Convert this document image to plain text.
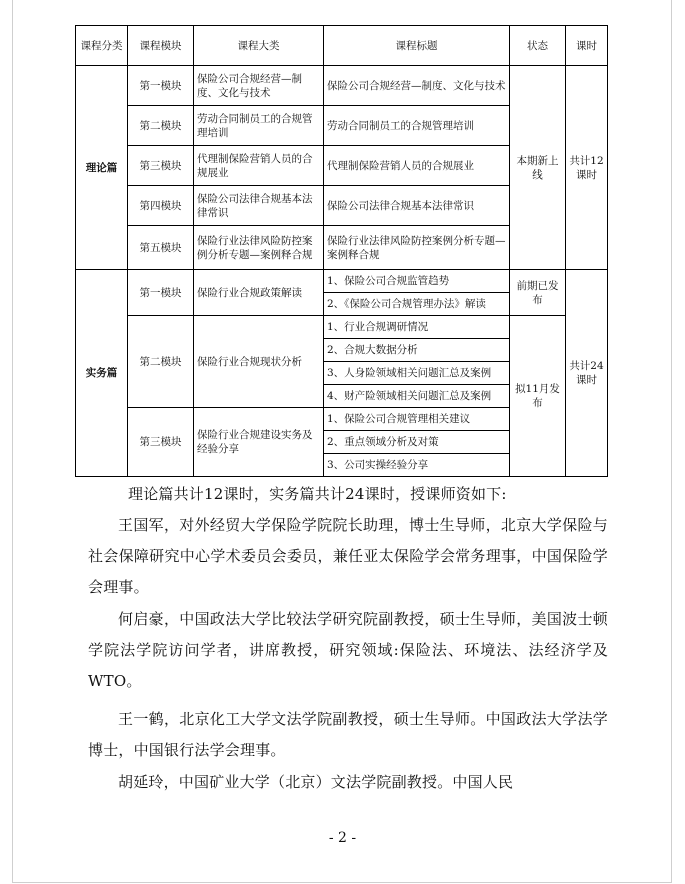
课程分类	课程模块	课程大类	课程标题	状态	课时
理论篇	第一模块	保险公司合规经营—制度、文化与技术	保险公司合规经营—制度、文化与技术	本期新上线	共计12课时
	第二模块	劳动合同制员工的合规管理培训	劳动合同制员工的合规管理培训		
	第三模块	代理制保险营销人员的合规展业	代理制保险营销人员的合规展业		
	第四模块	保险公司法律合规基本法律常识	保险公司法律合规基本法律常识		
	第五模块	保险行业法律风险防控案例分析专题—案例释合规	保险行业法律风险防控案例分析专题—案例释合规		
实务篇	第一模块	保险行业合规政策解读	1、保险公司合规监管趋势	前期已发布	共计24课时
			2、《保险公司合规管理办法》解读		
	第二模块	保险行业合规现状分析	1、行业合规调研情况	拟11月发布	
			2、合规大数据分析		
			3、人身险领域相关问题汇总及案例		
			4、财产险领域相关问题汇总及案例		
	第三模块	保险行业合规建设实务及经验分享	1、保险公司合规管理相关建议		
			2、重点领域分析及对策		
			3、公司实操经验分享		

理论篇共计12课时，实务篇共计24课时，授课师资如下:

王国军，对外经贸大学保险学院院长助理，博士生导师，北京大学保险与社会保障研究中心学术委员会委员，兼任亚太保险学会常务理事，中国保险学会理事。

何启豪，中国政法大学比较法学研究院副教授，硕士生导师，美国波士顿学院法学院访问学者，讲席教授，研究领域:保险法、环境法、法经济学及WTO。

王一鹤，北京化工大学文法学院副教授，硕士生导师。中国政法大学法学博士，中国银行法学会理事。

胡延玲，中国矿业大学（北京）文法学院副教授。中国人民

- 2 -
